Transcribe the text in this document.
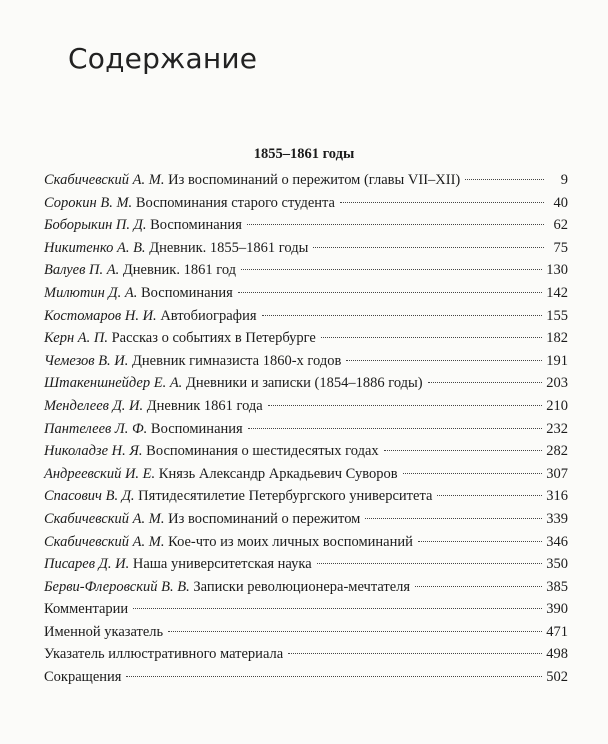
Содержание
1855–1861 годы
Скабичевский А. М. Из воспоминаний о пережитом (главы VII–XII)	9
Сорокин В. М. Воспоминания старого студента	40
Боборыкин П. Д. Воспоминания	62
Никитенко А. В. Дневник. 1855–1861 годы	75
Валуев П. А. Дневник. 1861 год	130
Милютин Д. А. Воспоминания	142
Костомаров Н. И. Автобиография	155
Керн А. П. Рассказ о событиях в Петербурге	182
Чемезов В. И. Дневник гимназиста 1860-х годов	191
Штакеншнейдер Е. А. Дневники и записки (1854–1886 годы)	203
Менделеев Д. И. Дневник 1861 года	210
Пантелеев Л. Ф. Воспоминания	232
Николадзе Н. Я. Воспоминания о шестидесятых годах	282
Андреевский И. Е. Князь Александр Аркадьевич Суворов	307
Спасович В. Д. Пятидесятилетие Петербургского университета	316
Скабичевский А. М. Из воспоминаний о пережитом	339
Скабичевский А. М. Кое-что из моих личных воспоминаний	346
Писарев Д. И. Наша университетская наука	350
Берви-Флеровский В. В. Записки революционера-мечтателя	385
Комментарии	390
Именной указатель	471
Указатель иллюстративного материала	498
Сокращения	502
